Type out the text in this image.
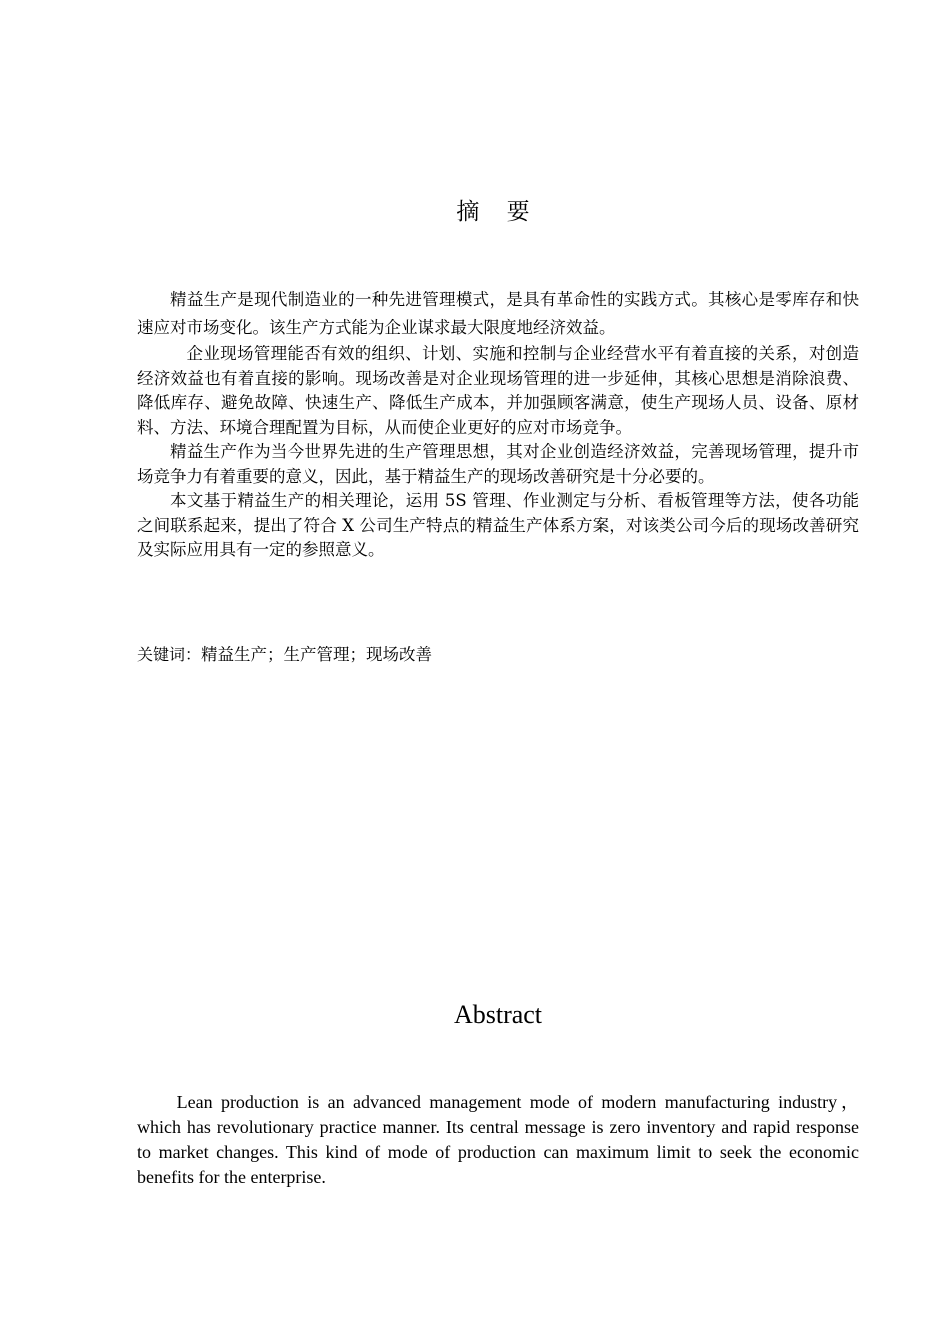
摘 要

精益生产是现代制造业的一种先进管理模式，是具有革命性的实践方式。其核心是零库存和快速应对市场变化。该生产方式能为企业谋求最大限度地经济效益。

企业现场管理能否有效的组织、计划、实施和控制与企业经营水平有着直接的关系，对创造经济效益也有着直接的影响。现场改善是对企业现场管理的进一步延伸，其核心思想是消除浪费、降低库存、避免故障、快速生产、降低生产成本，并加强顾客满意，使生产现场人员、设备、原材料、方法、环境合理配置为目标，从而使企业更好的应对市场竞争。

精益生产作为当今世界先进的生产管理思想，其对企业创造经济效益，完善现场管理，提升市场竞争力有着重要的意义，因此，基于精益生产的现场改善研究是十分必要的。

本文基于精益生产的相关理论，运用 5S 管理、作业测定与分析、看板管理等方法，使各功能之间联系起来，提出了符合 X 公司生产特点的精益生产体系方案，对该类公司今后的现场改善研究及实际应用具有一定的参照意义。

关键词：精益生产；生产管理；现场改善
Abstract

Lean production is an advanced management mode of modern manufacturing industry，which has revolutionary practice manner. Its central message is zero inventory and rapid response to market changes. This kind of mode of production can maximum limit to seek the economic benefits for the enterprise.
